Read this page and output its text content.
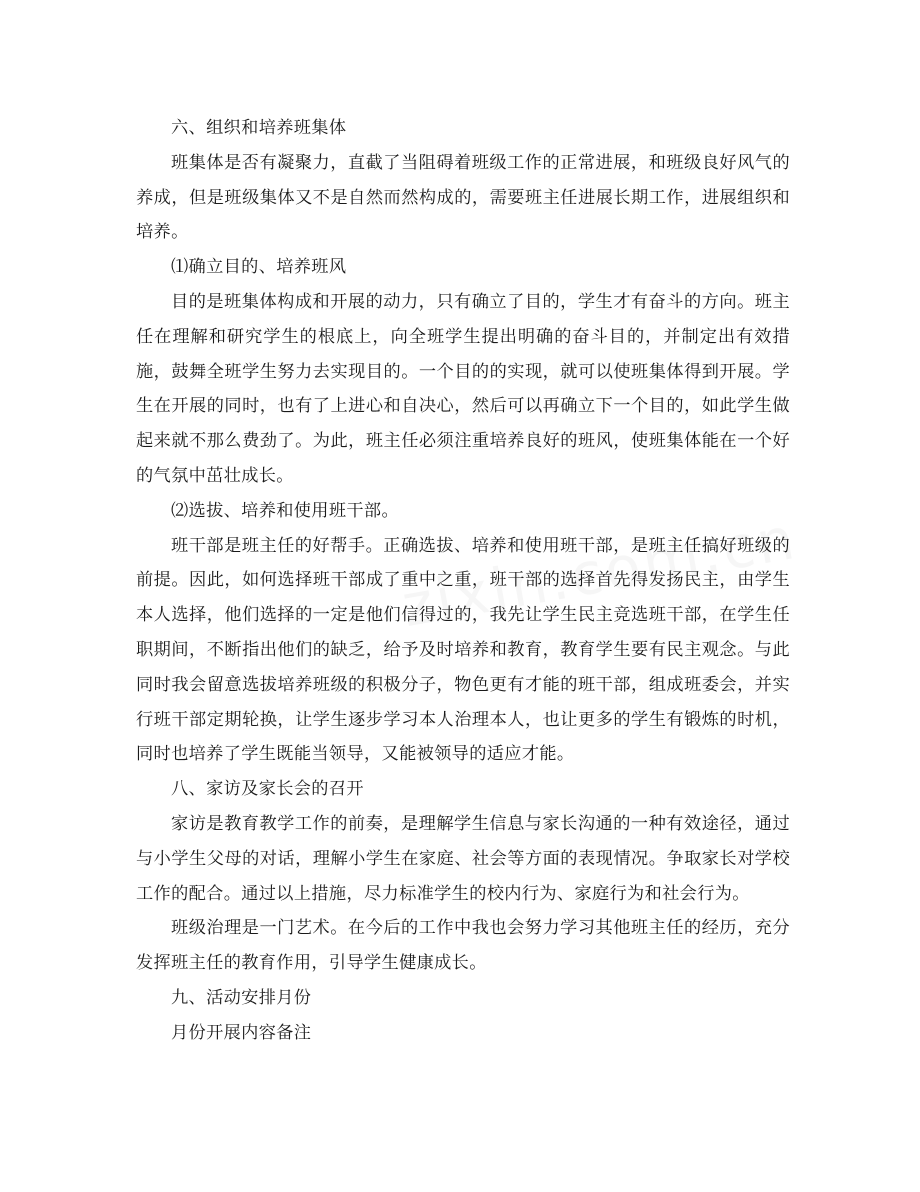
六、组织和培养班集体

班集体是否有凝聚力，直截了当阻碍着班级工作的正常进展，和班级良好风气的养成，但是班级集体又不是自然而然构成的，需要班主任进展长期工作，进展组织和培养。

⑴确立目的、培养班风

目的是班集体构成和开展的动力，只有确立了目的，学生才有奋斗的方向。班主任在理解和研究学生的根底上，向全班学生提出明确的奋斗目的，并制定出有效措施，鼓舞全班学生努力去实现目的。一个目的的实现，就可以使班集体得到开展。学生在开展的同时，也有了上进心和自决心，然后可以再确立下一个目的，如此学生做起来就不那么费劲了。为此，班主任必须注重培养良好的班风，使班集体能在一个好的气氛中茁壮成长。

⑵选拔、培养和使用班干部。

班干部是班主任的好帮手。正确选拔、培养和使用班干部，是班主任搞好班级的前提。因此，如何选择班干部成了重中之重，班干部的选择首先得发扬民主，由学生本人选择，他们选择的一定是他们信得过的，我先让学生民主竞选班干部，在学生任职期间，不断指出他们的缺乏，给予及时培养和教育，教育学生要有民主观念。与此同时我会留意选拔培养班级的积极分子，物色更有才能的班干部，组成班委会，并实行班干部定期轮换，让学生逐步学习本人治理本人，也让更多的学生有锻炼的时机，同时也培养了学生既能当领导，又能被领导的适应才能。

八、家访及家长会的召开

家访是教育教学工作的前奏，是理解学生信息与家长沟通的一种有效途径，通过与小学生父母的对话，理解小学生在家庭、社会等方面的表现情况。争取家长对学校工作的配合。通过以上措施，尽力标准学生的校内行为、家庭行为和社会行为。

班级治理是一门艺术。在今后的工作中我也会努力学习其他班主任的经历，充分发挥班主任的教育作用，引导学生健康成长。

九、活动安排月份

月份开展内容备注
